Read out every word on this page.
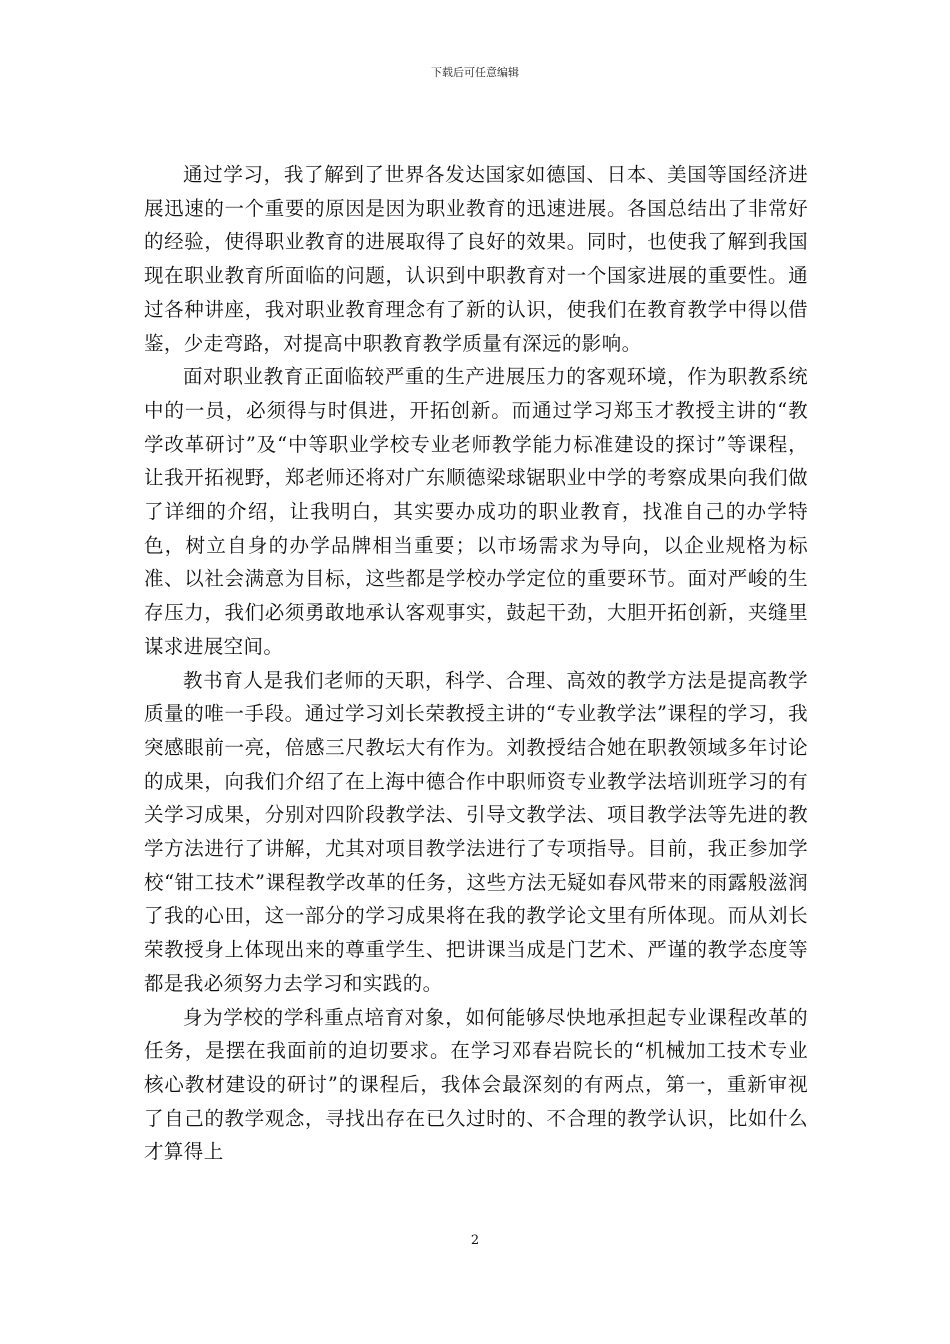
下载后可任意编辑

通过学习，我了解到了世界各发达国家如德国、日本、美国等国经济进展迅速的一个重要的原因是因为职业教育的迅速进展。各国总结出了非常好的经验，使得职业教育的进展取得了良好的效果。同时，也使我了解到我国现在职业教育所面临的问题，认识到中职教育对一个国家进展的重要性。通过各种讲座，我对职业教育理念有了新的认识，使我们在教育教学中得以借鉴，少走弯路，对提高中职教育教学质量有深远的影响。

面对职业教育正面临较严重的生产进展压力的客观环境，作为职教系统中的一员，必须得与时俱进，开拓创新。而通过学习郑玉才教授主讲的“教学改革研讨”及“中等职业学校专业老师教学能力标准建设的探讨”等课程，让我开拓视野，郑老师还将对广东顺德梁球锯职业中学的考察成果向我们做了详细的介绍，让我明白，其实要办成功的职业教育，找准自己的办学特色，树立自身的办学品牌相当重要；以市场需求为导向，以企业规格为标准、以社会满意为目标，这些都是学校办学定位的重要环节。面对严峻的生存压力，我们必须勇敢地承认客观事实，鼓起干劲，大胆开拓创新，夹缝里谋求进展空间。

教书育人是我们老师的天职，科学、合理、高效的教学方法是提高教学质量的唯一手段。通过学习刘长荣教授主讲的“专业教学法”课程的学习，我突感眼前一亮，倍感三尺教坛大有作为。刘教授结合她在职教领域多年讨论的成果，向我们介绍了在上海中德合作中职师资专业教学法培训班学习的有关学习成果，分别对四阶段教学法、引导文教学法、项目教学法等先进的教学方法进行了讲解，尤其对项目教学法进行了专项指导。目前，我正参加学校“钳工技术”课程教学改革的任务，这些方法无疑如春风带来的雨露般滋润了我的心田，这一部分的学习成果将在我的教学论文里有所体现。而从刘长荣教授身上体现出来的尊重学生、把讲课当成是门艺术、严谨的教学态度等都是我必须努力去学习和实践的。

身为学校的学科重点培育对象，如何能够尽快地承担起专业课程改革的任务，是摆在我面前的迫切要求。在学习邓春岩院长的“机械加工技术专业核心教材建设的研讨”的课程后，我体会最深刻的有两点，第一，重新审视了自己的教学观念，寻找出存在已久过时的、不合理的教学认识，比如什么才算得上

2
